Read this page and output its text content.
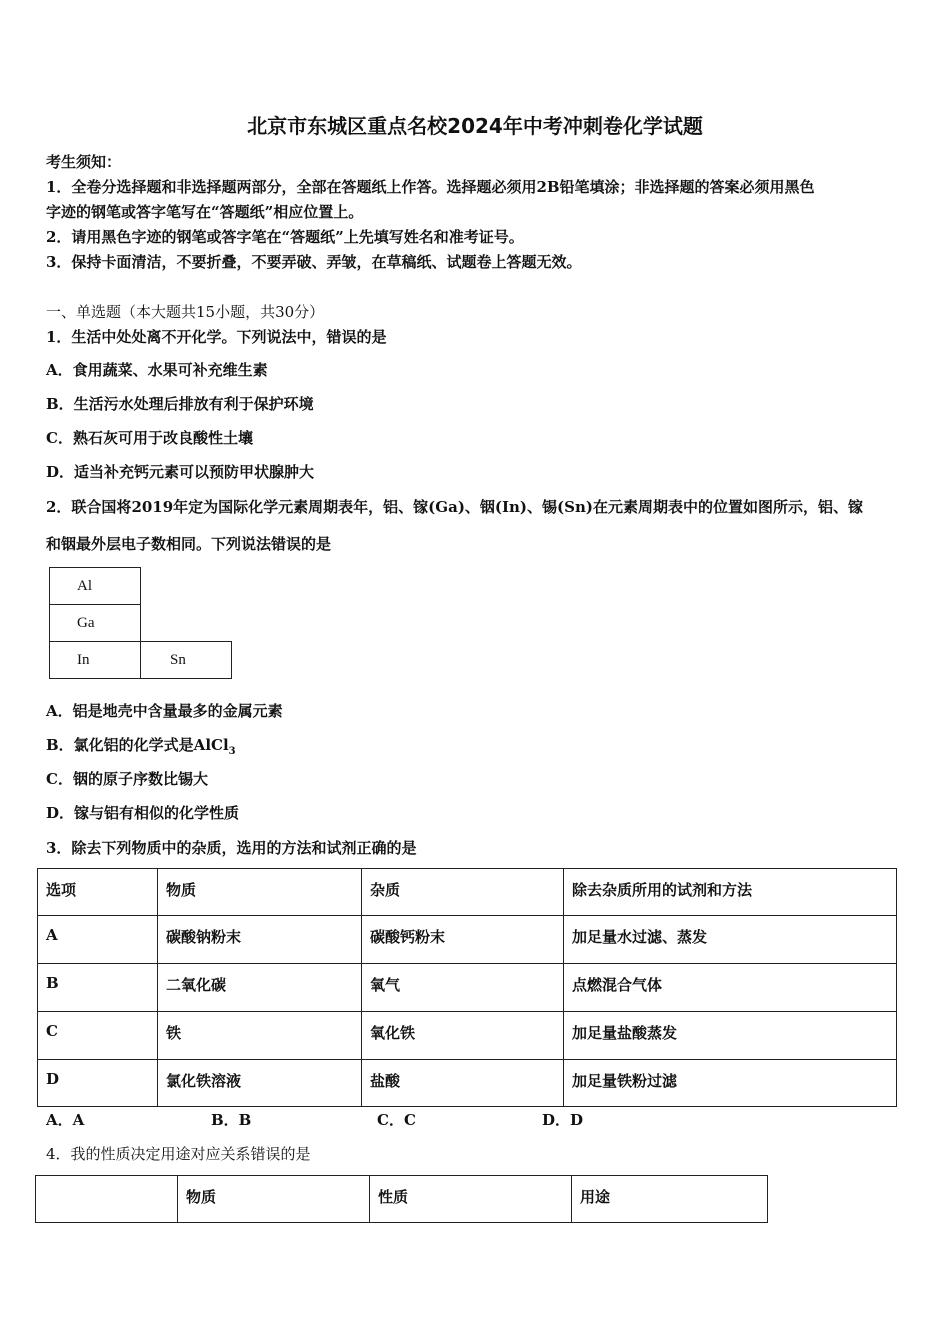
北京市东城区重点名校2024年中考冲刺卷化学试题
考生须知：
1．全卷分选择题和非选择题两部分，全部在答题纸上作答。选择题必须用2B铅笔填涂；非选择题的答案必须用黑色
字迹的钢笔或答字笔写在“答题纸”相应位置上。
2．请用黑色字迹的钢笔或答字笔在“答题纸”上先填写姓名和准考证号。
3．保持卡面清洁，不要折叠，不要弄破、弄皱，在草稿纸、试题卷上答题无效。
一、单选题（本大题共15小题，共30分）
1．生活中处处离不开化学。下列说法中，错误的是
A．食用蔬菜、水果可补充维生素
B．生活污水处理后排放有利于保护环境
C．熟石灰可用于改良酸性土壤
D．适当补充钙元素可以预防甲状腺肿大
2．联合国将2019年定为国际化学元素周期表年，铝、镓(Ga)、铟(In)、锡(Sn)在元素周期表中的位置如图所示，铝、镓
和铟最外层电子数相同。下列说法错误的是
Al	
Ga	
In	Sn
A．铝是地壳中含量最多的金属元素
B．氯化铝的化学式是AlCl$_3$
C．铟的原子序数比锡大
D．镓与铝有相似的化学性质
3．除去下列物质中的杂质，选用的方法和试剂正确的是
选项	物质	杂质	除去杂质所用的试剂和方法
A	碳酸钠粉末	碳酸钙粉末	加足量水过滤、蒸发
B	二氧化碳	氧气	点燃混合气体
C	铁	氧化铁	加足量盐酸蒸发
D	氯化铁溶液	盐酸	加足量铁粉过滤
A．A	B．B	C．C	D．D
4．我的性质决定用途对应关系错误的是
	物质	性质	用途
